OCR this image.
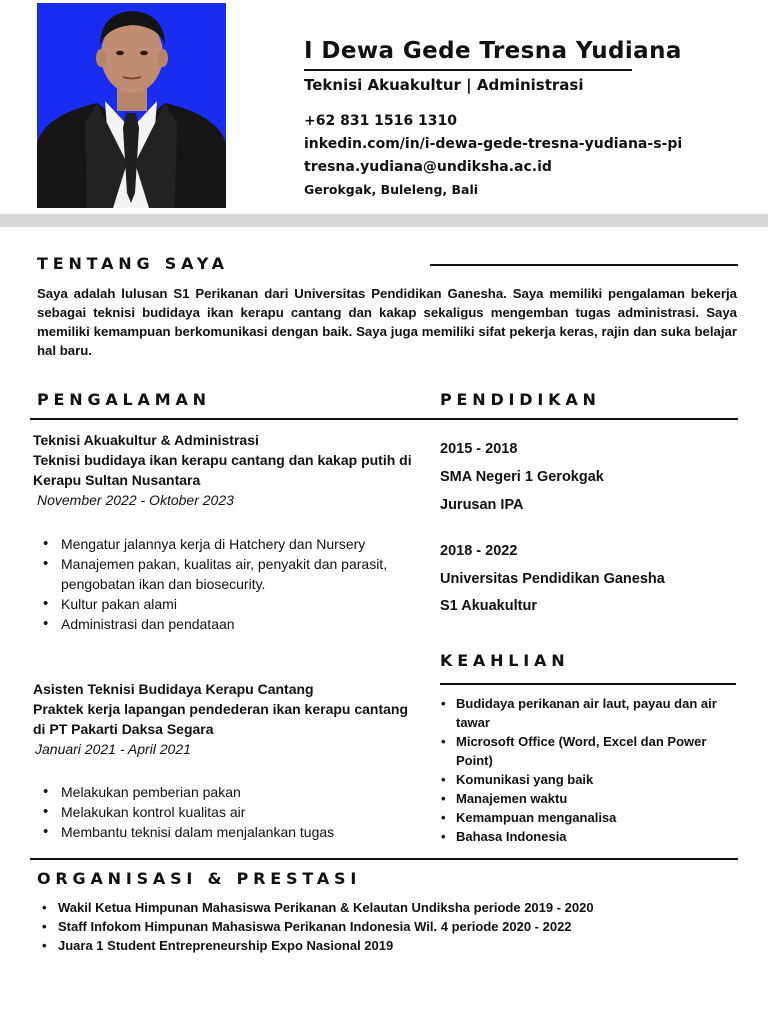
I Dewa Gede Tresna Yudiana
Teknisi Akuakultur | Administrasi
+62 831 1516 1310
inkedin.com/in/i-dewa-gede-tresna-yudiana-s-pi
tresna.yudiana@undiksha.ac.id
Gerokgak, Buleleng, Bali
TENTANG SAYA

Saya adalah lulusan S1 Perikanan dari Universitas Pendidikan Ganesha. Saya memiliki pengalaman bekerja sebagai teknisi budidaya ikan kerapu cantang dan kakap sekaligus mengemban tugas administrasi. Saya memiliki kemampuan berkomunikasi dengan baik. Saya juga memiliki sifat pekerja keras, rajin dan suka belajar hal baru.

PENGALAMAN	PENDIDIKAN
Teknisi Akuakultur & Administrasi
Teknisi budidaya ikan kerapu cantang dan kakap putih di Kerapu Sultan Nusantara
November 2022 - Oktober 2023
• Mengatur jalannya kerja di Hatchery dan Nursery
• Manajemen pakan, kualitas air, penyakit dan parasit, pengobatan ikan dan biosecurity.
• Kultur pakan alami
• Administrasi dan pendataan
Asisten Teknisi Budidaya Kerapu Cantang
Praktek kerja lapangan pendederan ikan kerapu cantang di PT Pakarti Daksa Segara
Januari 2021 - April 2021
• Melakukan pemberian pakan
• Melakukan kontrol kualitas air
• Membantu teknisi dalam menjalankan tugas
2015 - 2018
SMA Negeri 1 Gerokgak
Jurusan IPA
2018 - 2022
Universitas Pendidikan Ganesha
S1 Akuakultur
KEAHLIAN
• Budidaya perikanan air laut, payau dan air tawar
• Microsoft Office (Word, Excel dan Power Point)
• Komunikasi yang baik
• Manajemen waktu
• Kemampuan menganalisa
• Bahasa Indonesia
ORGANISASI & PRESTASI
• Wakil Ketua Himpunan Mahasiswa Perikanan & Kelautan Undiksha periode 2019 - 2020
• Staff Infokom Himpunan Mahasiswa Perikanan Indonesia Wil. 4 periode 2020 - 2022
• Juara 1 Student Entrepreneurship Expo Nasional 2019
